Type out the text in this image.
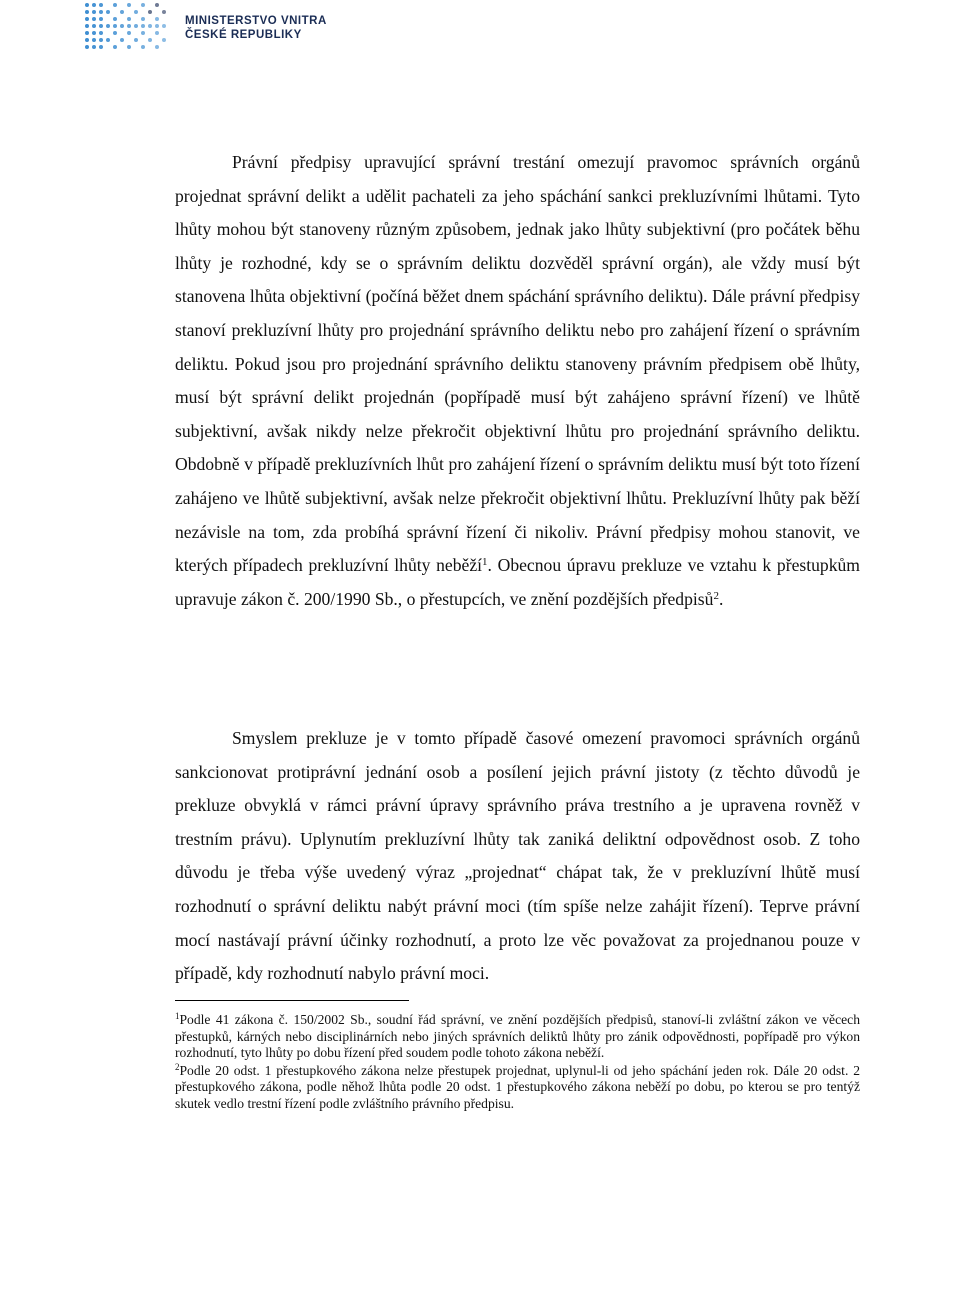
MINISTERSTVO VNITRA
ČESKÉ REPUBLIKY

Právní předpisy upravující správní trestání omezují pravomoc správních orgánů projednat správní delikt a udělit pachateli za jeho spáchání sankci prekluzívními lhůtami. Tyto lhůty mohou být stanoveny různým způsobem, jednak jako lhůty subjektivní (pro počátek běhu lhůty je rozhodné, kdy se o správním deliktu dozvěděl správní orgán), ale vždy musí být stanovena lhůta objektivní (počíná běžet dnem spáchání správního deliktu). Dále právní předpisy stanoví prekluzívní lhůty pro projednání správního deliktu nebo pro zahájení řízení o správním deliktu. Pokud jsou pro projednání správního deliktu stanoveny právním předpisem obě lhůty, musí být správní delikt projednán (popřípadě musí být zahájeno správní řízení) ve lhůtě subjektivní, avšak nikdy nelze překročit objektivní lhůtu pro projednání správního deliktu. Obdobně v případě prekluzívních lhůt pro zahájení řízení o správním deliktu musí být toto řízení zahájeno ve lhůtě subjektivní, avšak nelze překročit objektivní lhůtu. Prekluzívní lhůty pak běží nezávisle na tom, zda probíhá správní řízení či nikoliv. Právní předpisy mohou stanovit, ve kterých případech prekluzívní lhůty neběží$^1$. Obecnou úpravu prekluze ve vztahu k přestupkům upravuje zákon č. 200/1990 Sb., o přestupcích, ve znění pozdějších předpisů$^2$.

Smyslem prekluze je v tomto případě časové omezení pravomoci správních orgánů sankcionovat protiprávní jednání osob a posílení jejich právní jistoty (z těchto důvodů je prekluze obvyklá v rámci právní úpravy správního práva trestního a je upravena rovněž v trestním právu). Uplynutím prekluzívní lhůty tak zaniká deliktní odpovědnost osob. Z toho důvodu je třeba výše uvedený výraz „projednat“ chápat tak, že v prekluzívní lhůtě musí rozhodnutí o správní deliktu nabýt právní moci (tím spíše nelze zahájit řízení). Teprve právní mocí nastávají právní účinky rozhodnutí, a proto lze věc považovat za projednanou pouze v případě, kdy rozhodnutí nabylo právní moci.

$^1$Podle 41 zákona č. 150/2002 Sb., soudní řád správní, ve znění pozdějších předpisů, stanoví-li zvláštní zákon ve věcech přestupků, kárných nebo disciplinárních nebo jiných správních deliktů lhůty pro zánik odpovědnosti, popřípadě pro výkon rozhodnutí, tyto lhůty po dobu řízení před soudem podle tohoto zákona neběží.

$^2$Podle 20 odst. 1 přestupkového zákona nelze přestupek projednat, uplynul-li od jeho spáchání jeden rok. Dále 20 odst. 2 přestupkového zákona, podle něhož lhůta podle 20 odst. 1 přestupkového zákona neběží po dobu, po kterou se pro tentýž skutek vedlo trestní řízení podle zvláštního právního předpisu.
